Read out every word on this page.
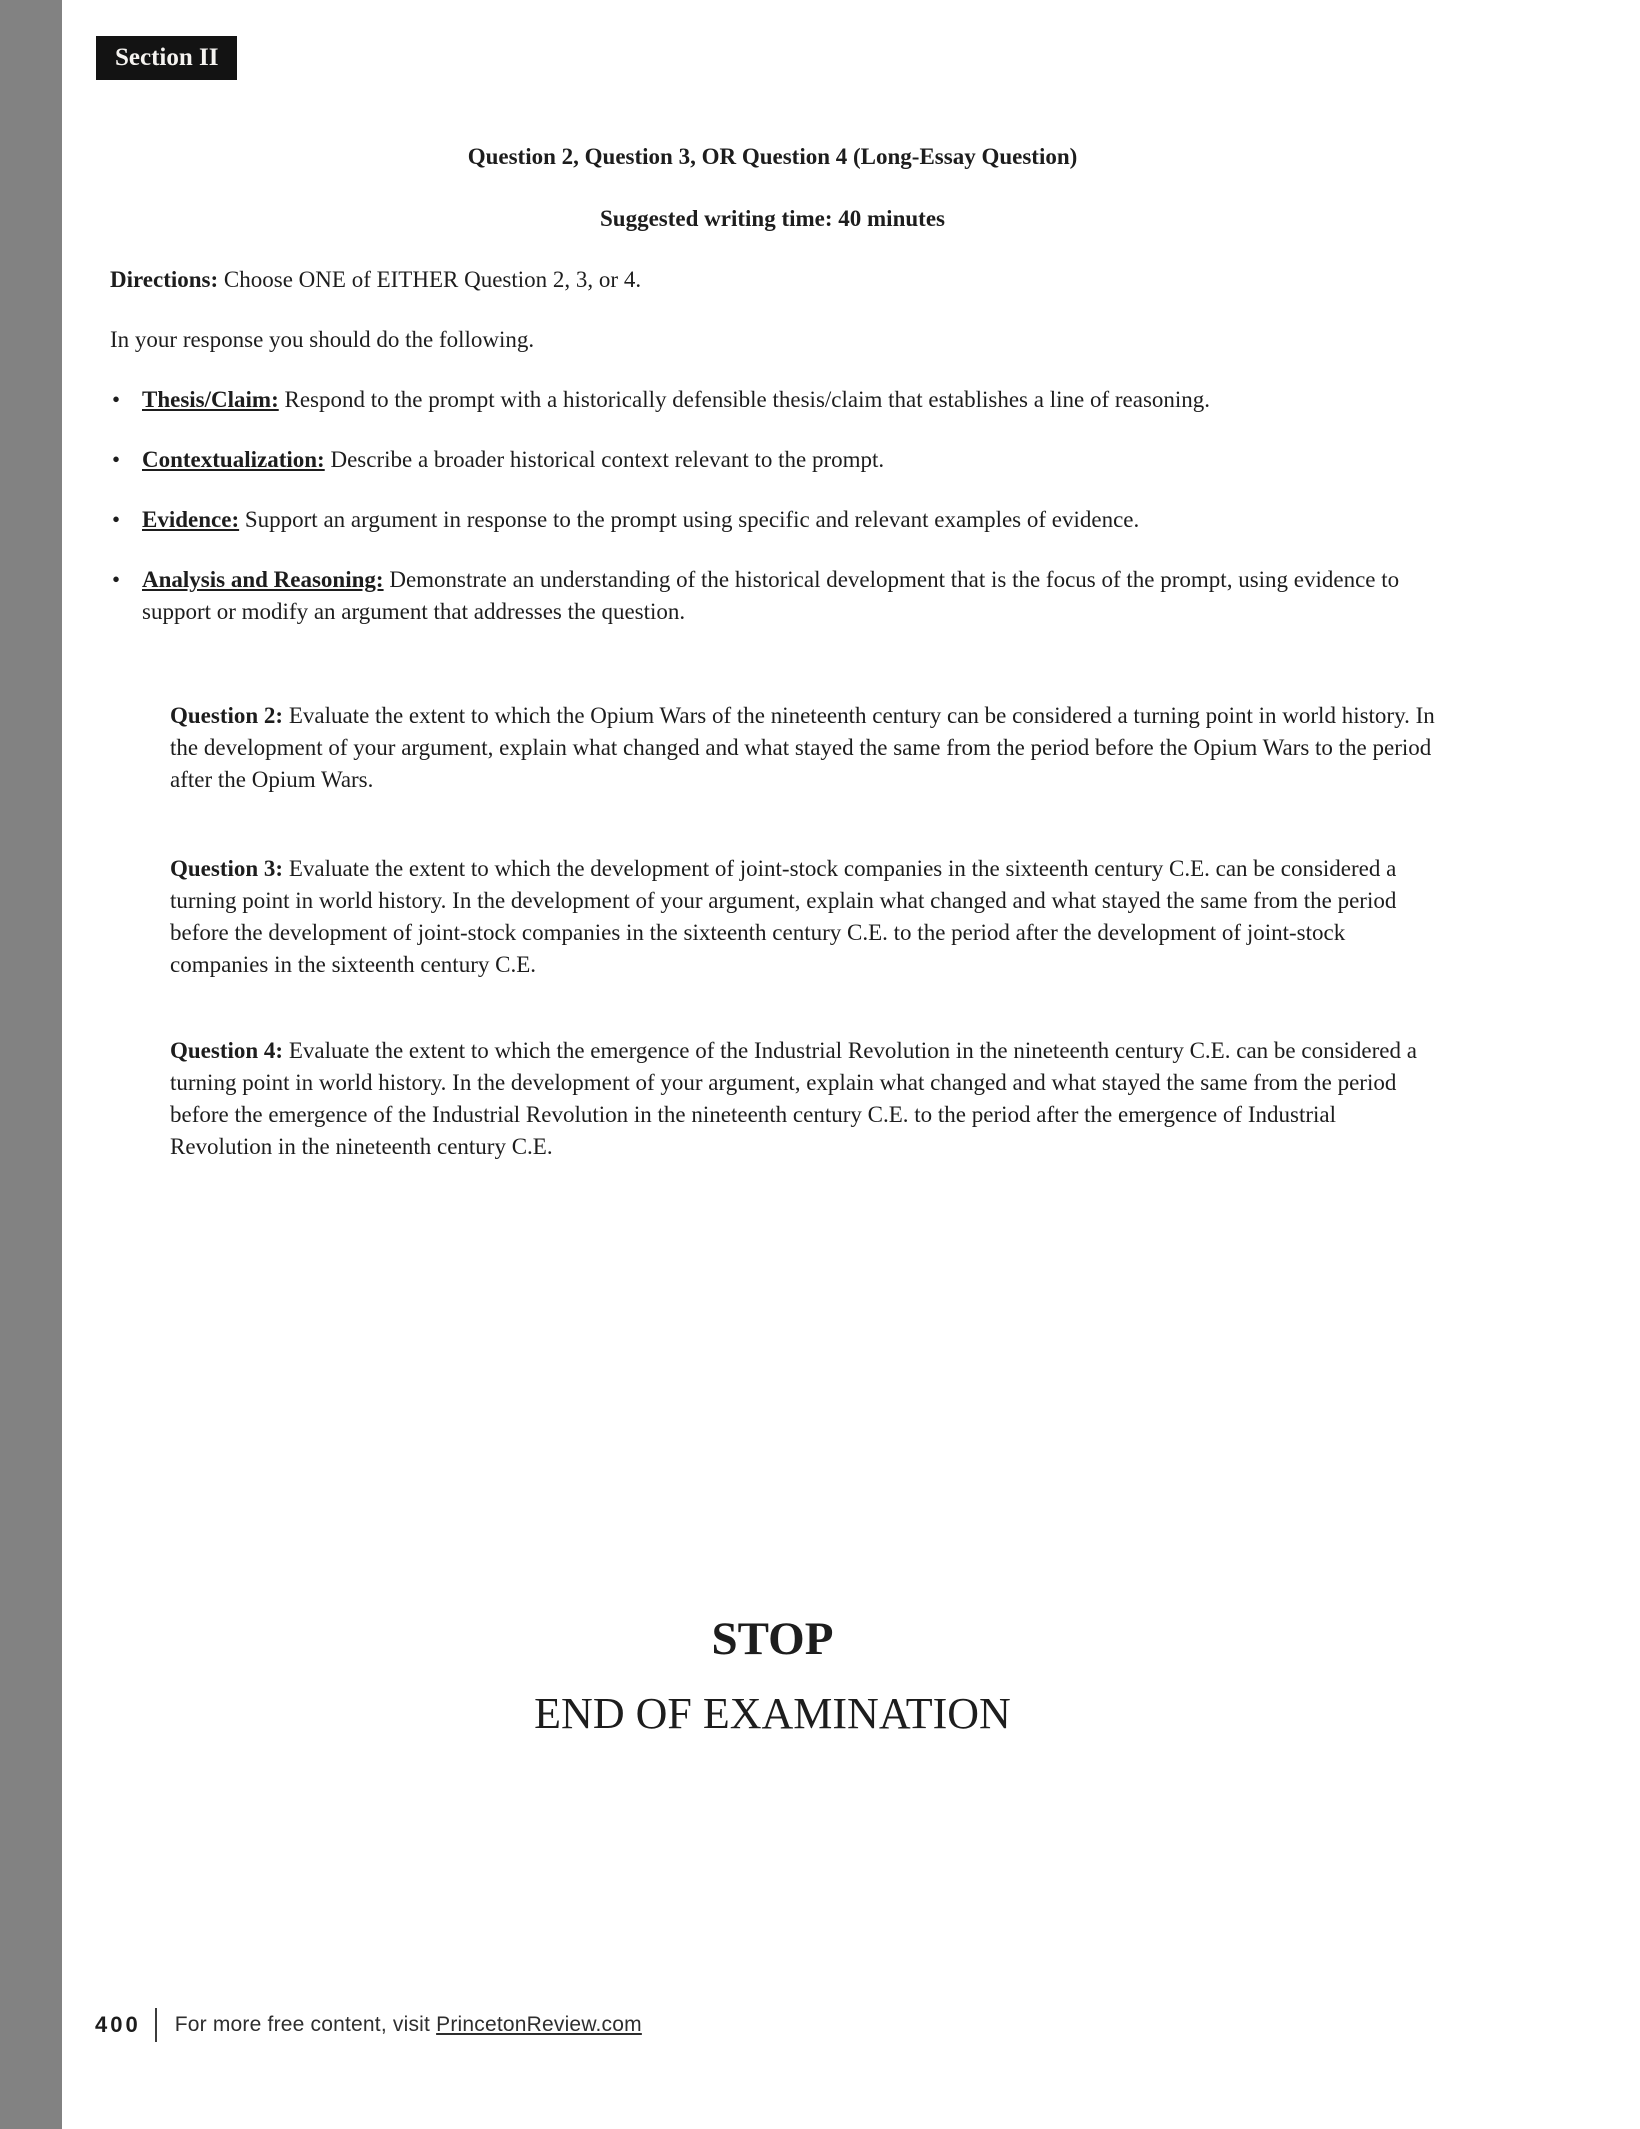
Section II
Question 2, Question 3, OR Question 4 (Long-Essay Question)
Suggested writing time: 40 minutes

Directions: Choose ONE of EITHER Question 2, 3, or 4.

In your response you should do the following.

•
Thesis/Claim: Respond to the prompt with a historically defensible thesis/claim that establishes a line of reasoning.
•
Contextualization: Describe a broader historical context relevant to the prompt.
•
Evidence: Support an argument in response to the prompt using specific and relevant examples of evidence.
•
Analysis and Reasoning: Demonstrate an understanding of the historical development that is the focus of the prompt, using evidence to support or modify an argument that addresses the question.

Question 2: Evaluate the extent to which the Opium Wars of the nineteenth century can be considered a turning point in world history. In the development of your argument, explain what changed and what stayed the same from the period before the Opium Wars to the period after the Opium Wars.

Question 3: Evaluate the extent to which the development of joint-stock companies in the sixteenth century C.E. can be considered a turning point in world history. In the development of your argument, explain what changed and what stayed the same from the period before the development of joint-stock companies in the sixteenth century C.E. to the period after the development of joint-stock companies in the sixteenth century C.E.

Question 4: Evaluate the extent to which the emergence of the Industrial Revolution in the nineteenth century C.E. can be considered a turning point in world history. In the development of your argument, explain what changed and what stayed the same from the period before the emergence of the Industrial Revolution in the nineteenth century C.E. to the period after the emergence of Industrial Revolution in the nineteenth century C.E.

STOP
END OF EXAMINATION
400 For more free content, visit PrincetonReview.com
